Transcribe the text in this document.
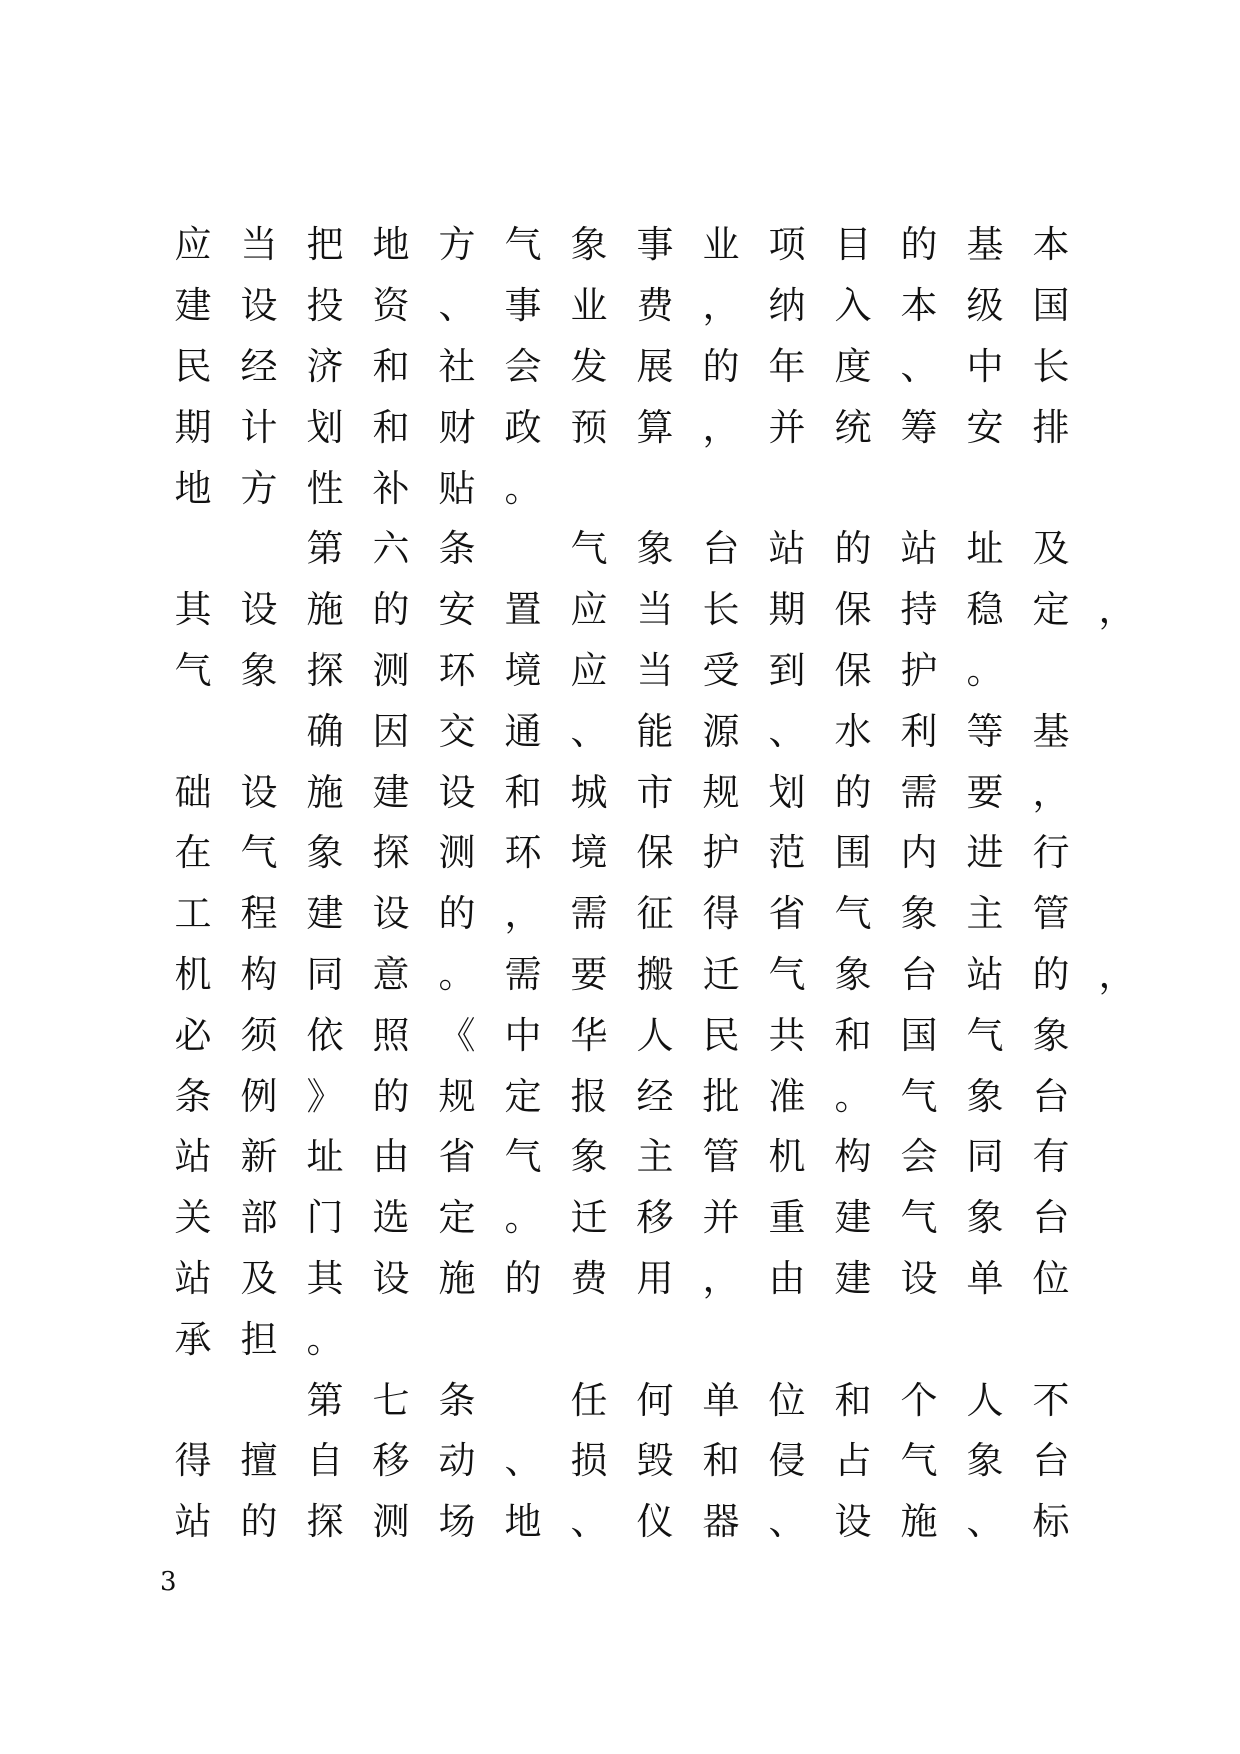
应 当 把 地 方 气 象 事 业 项 目 的 基 本
建 设 投 资 、 事 业 费 ， 纳 入 本 级 国
民 经 济 和 社 会 发 展 的 年 度 、 中 长
期 计 划 和 财 政 预 算 ， 并 统 筹 安 排
地 方 性 补 贴 。

第 六 条
　	气 象 台 站 的 站 址 及
其 设 施 的 安 置 应 当 长 期 保 持 稳 定 ，
气 象 探 测 环 境 应 当 受 到 保 护 。

确 因 交 通 、 能 源 、 水 利 等 基
础 设 施 建 设 和 城 市 规 划 的 需 要 ，
在 气 象 探 测 环 境 保 护 范 围 内 进 行
工 程 建 设 的 ， 需 征 得 省 气 象 主 管
机 构 同 意 。 需 要 搬 迁 气 象 台 站 的 ，
必 须 依 照 《 中 华 人 民 共 和 国 气 象
条 例 》 的 规 定 报 经 批 准 。 气 象 台
站 新 址 由 省 气 象 主 管 机 构 会 同 有
关 部 门 选 定 。 迁 移 并 重 建 气 象 台
站 及 其 设 施 的 费 用 ， 由 建 设 单 位
承 担 。

第 七 条
　	任 何 单 位 和 个 人 不
得 擅 自 移 动 、 损 毁 和 侵 占 气 象 台
站 的 探 测 场 地 、 仪 器 、 设 施 、 标
3
